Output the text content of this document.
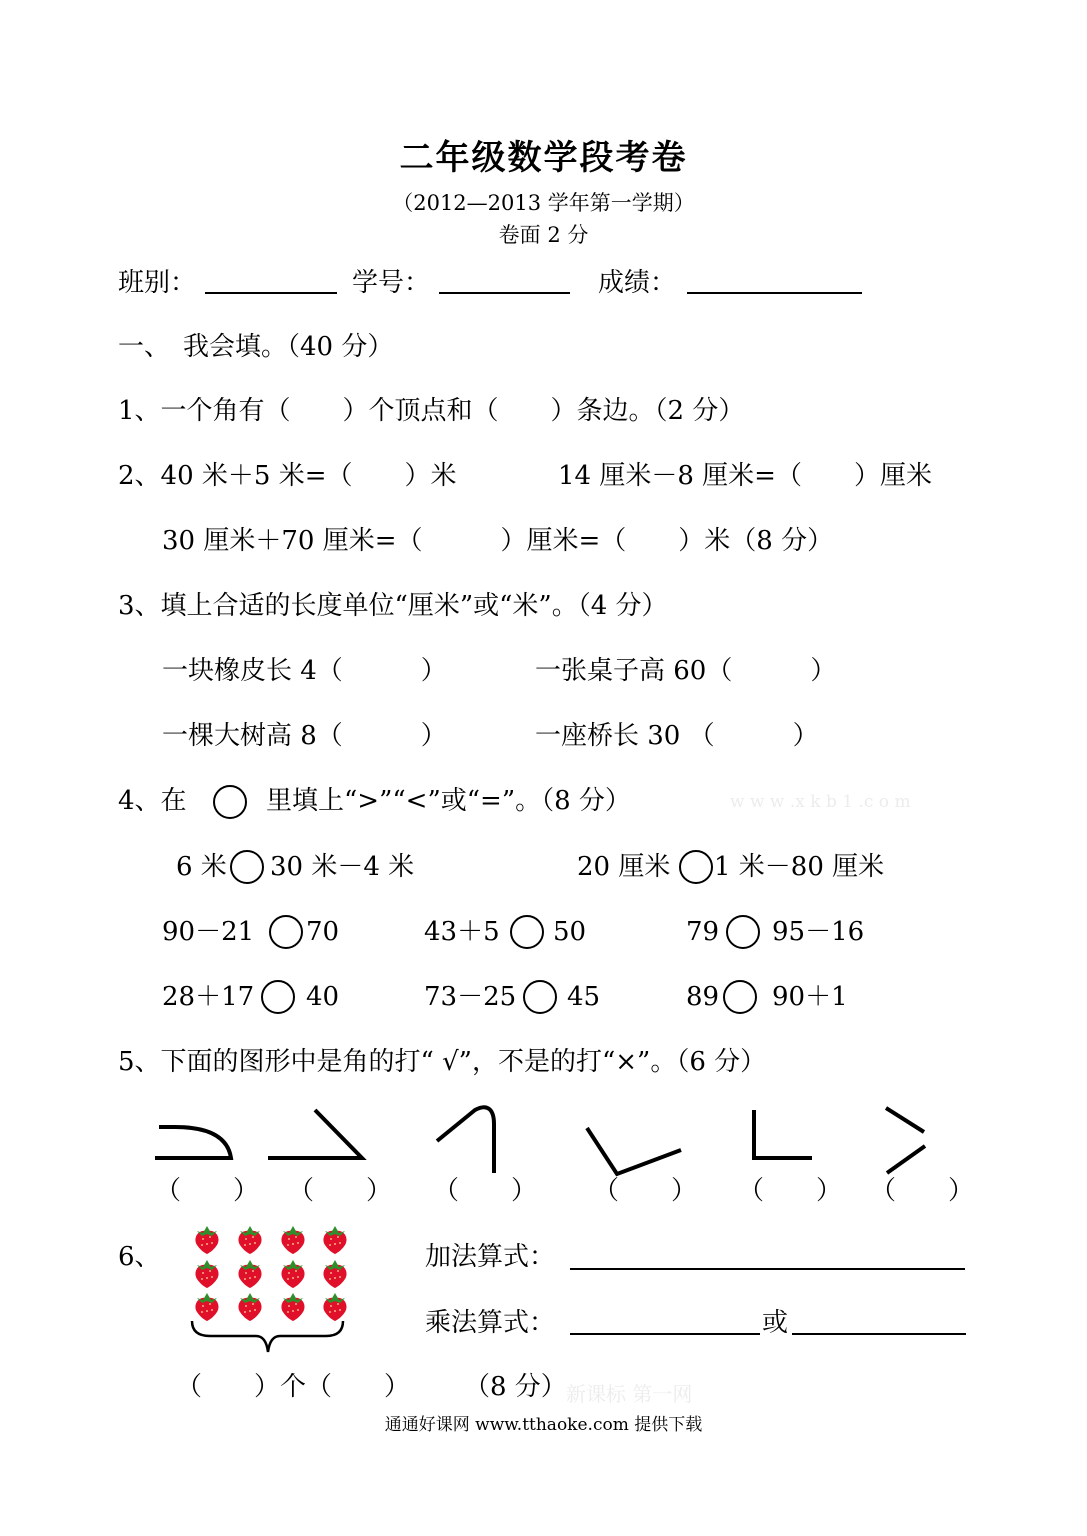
二年级数学段考卷
（2012—2013 学年第一学期）
卷面 2 分
班别：	学号：	成绩：
一、　我会填。（40 分）
1、一个角有（　　）个顶点和（　　）条边。（2 分）
2、40 米＋5 米=（　　）米	14 厘米－8 厘米=（　　）厘米
30 厘米＋70 厘米=（　　　）厘米=（　　）米（8 分）
3、填上合适的长度单位“厘米”或“米”。（4 分）
一块橡皮长 4（　　　）	一张桌子高 60（　　　）
一棵大树高 8（　　　）	一座桥长 30 （　　　）
4、在	里填上“>”“<”或“=”。（8 分）	w w w .x k b 1 .c o m
6 米 30 米－4 米	20 厘米 1 米－80 厘米
90－21 70	43＋5 50	79 95－16
28＋17 40	73－25 45	89 90＋1
5、下面的图形中是角的打“ √”，不是的打“×”。（6 分）
（　　） （　　） （　　） （　　） （　　） （　　）
6、	加法算式：
乘法算式：	或
（　　）个（　　） （8 分） 新课标 第一网
通通好课网 www.tthaoke.com 提供下载
